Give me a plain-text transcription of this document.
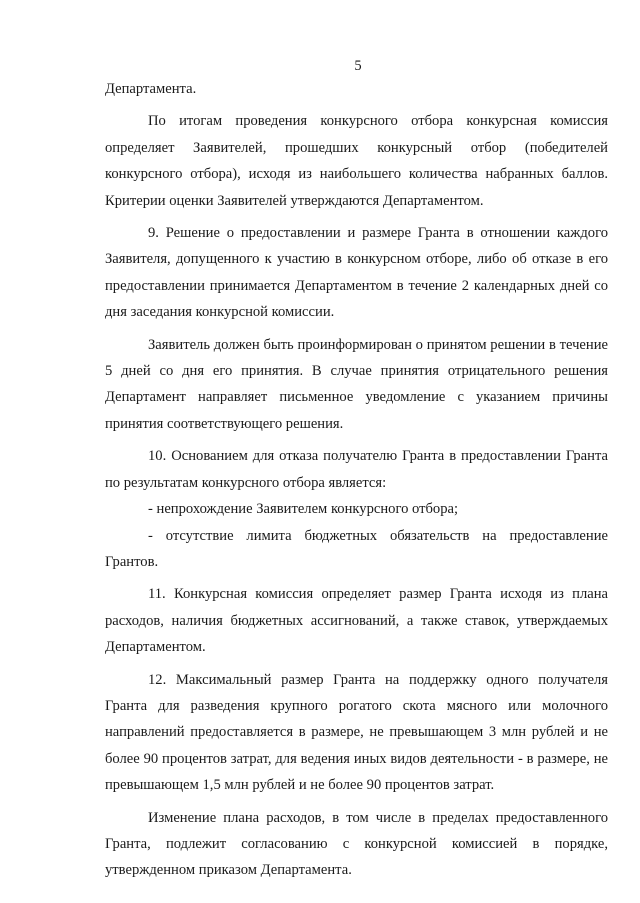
5

Департамента.

По итогам проведения конкурсного отбора конкурсная комиссия определяет Заявителей, прошедших конкурсный отбор (победителей конкурсного отбора), исходя из наибольшего количества набранных баллов. Критерии оценки Заявителей утверждаются Департаментом.

9. Решение о предоставлении и размере Гранта в отношении каждого Заявителя, допущенного к участию в конкурсном отборе, либо об отказе в его предоставлении принимается Департаментом в течение 2 календарных дней со дня заседания конкурсной комиссии.

Заявитель должен быть проинформирован о принятом решении в течение 5 дней со дня его принятия. В случае принятия отрицательного решения Департамент направляет письменное уведомление с указанием причины принятия соответствующего решения.

10. Основанием для отказа получателю Гранта в предоставлении Гранта по результатам конкурсного отбора является:

- непрохождение Заявителем конкурсного отбора;

- отсутствие лимита бюджетных обязательств на предоставление Грантов.

11. Конкурсная комиссия определяет размер Гранта исходя из плана расходов, наличия бюджетных ассигнований, а также ставок, утверждаемых Департаментом.

12. Максимальный размер Гранта на поддержку одного получателя Гранта для разведения крупного рогатого скота мясного или молочного направлений предоставляется в размере, не превышающем 3 млн рублей и не более 90 процентов затрат, для ведения иных видов деятельности - в размере, не превышающем 1,5 млн рублей и не более 90 процентов затрат.

Изменение плана расходов, в том числе в пределах предоставленного Гранта, подлежит согласованию с конкурсной комиссией в порядке, утвержденном приказом Департамента.
